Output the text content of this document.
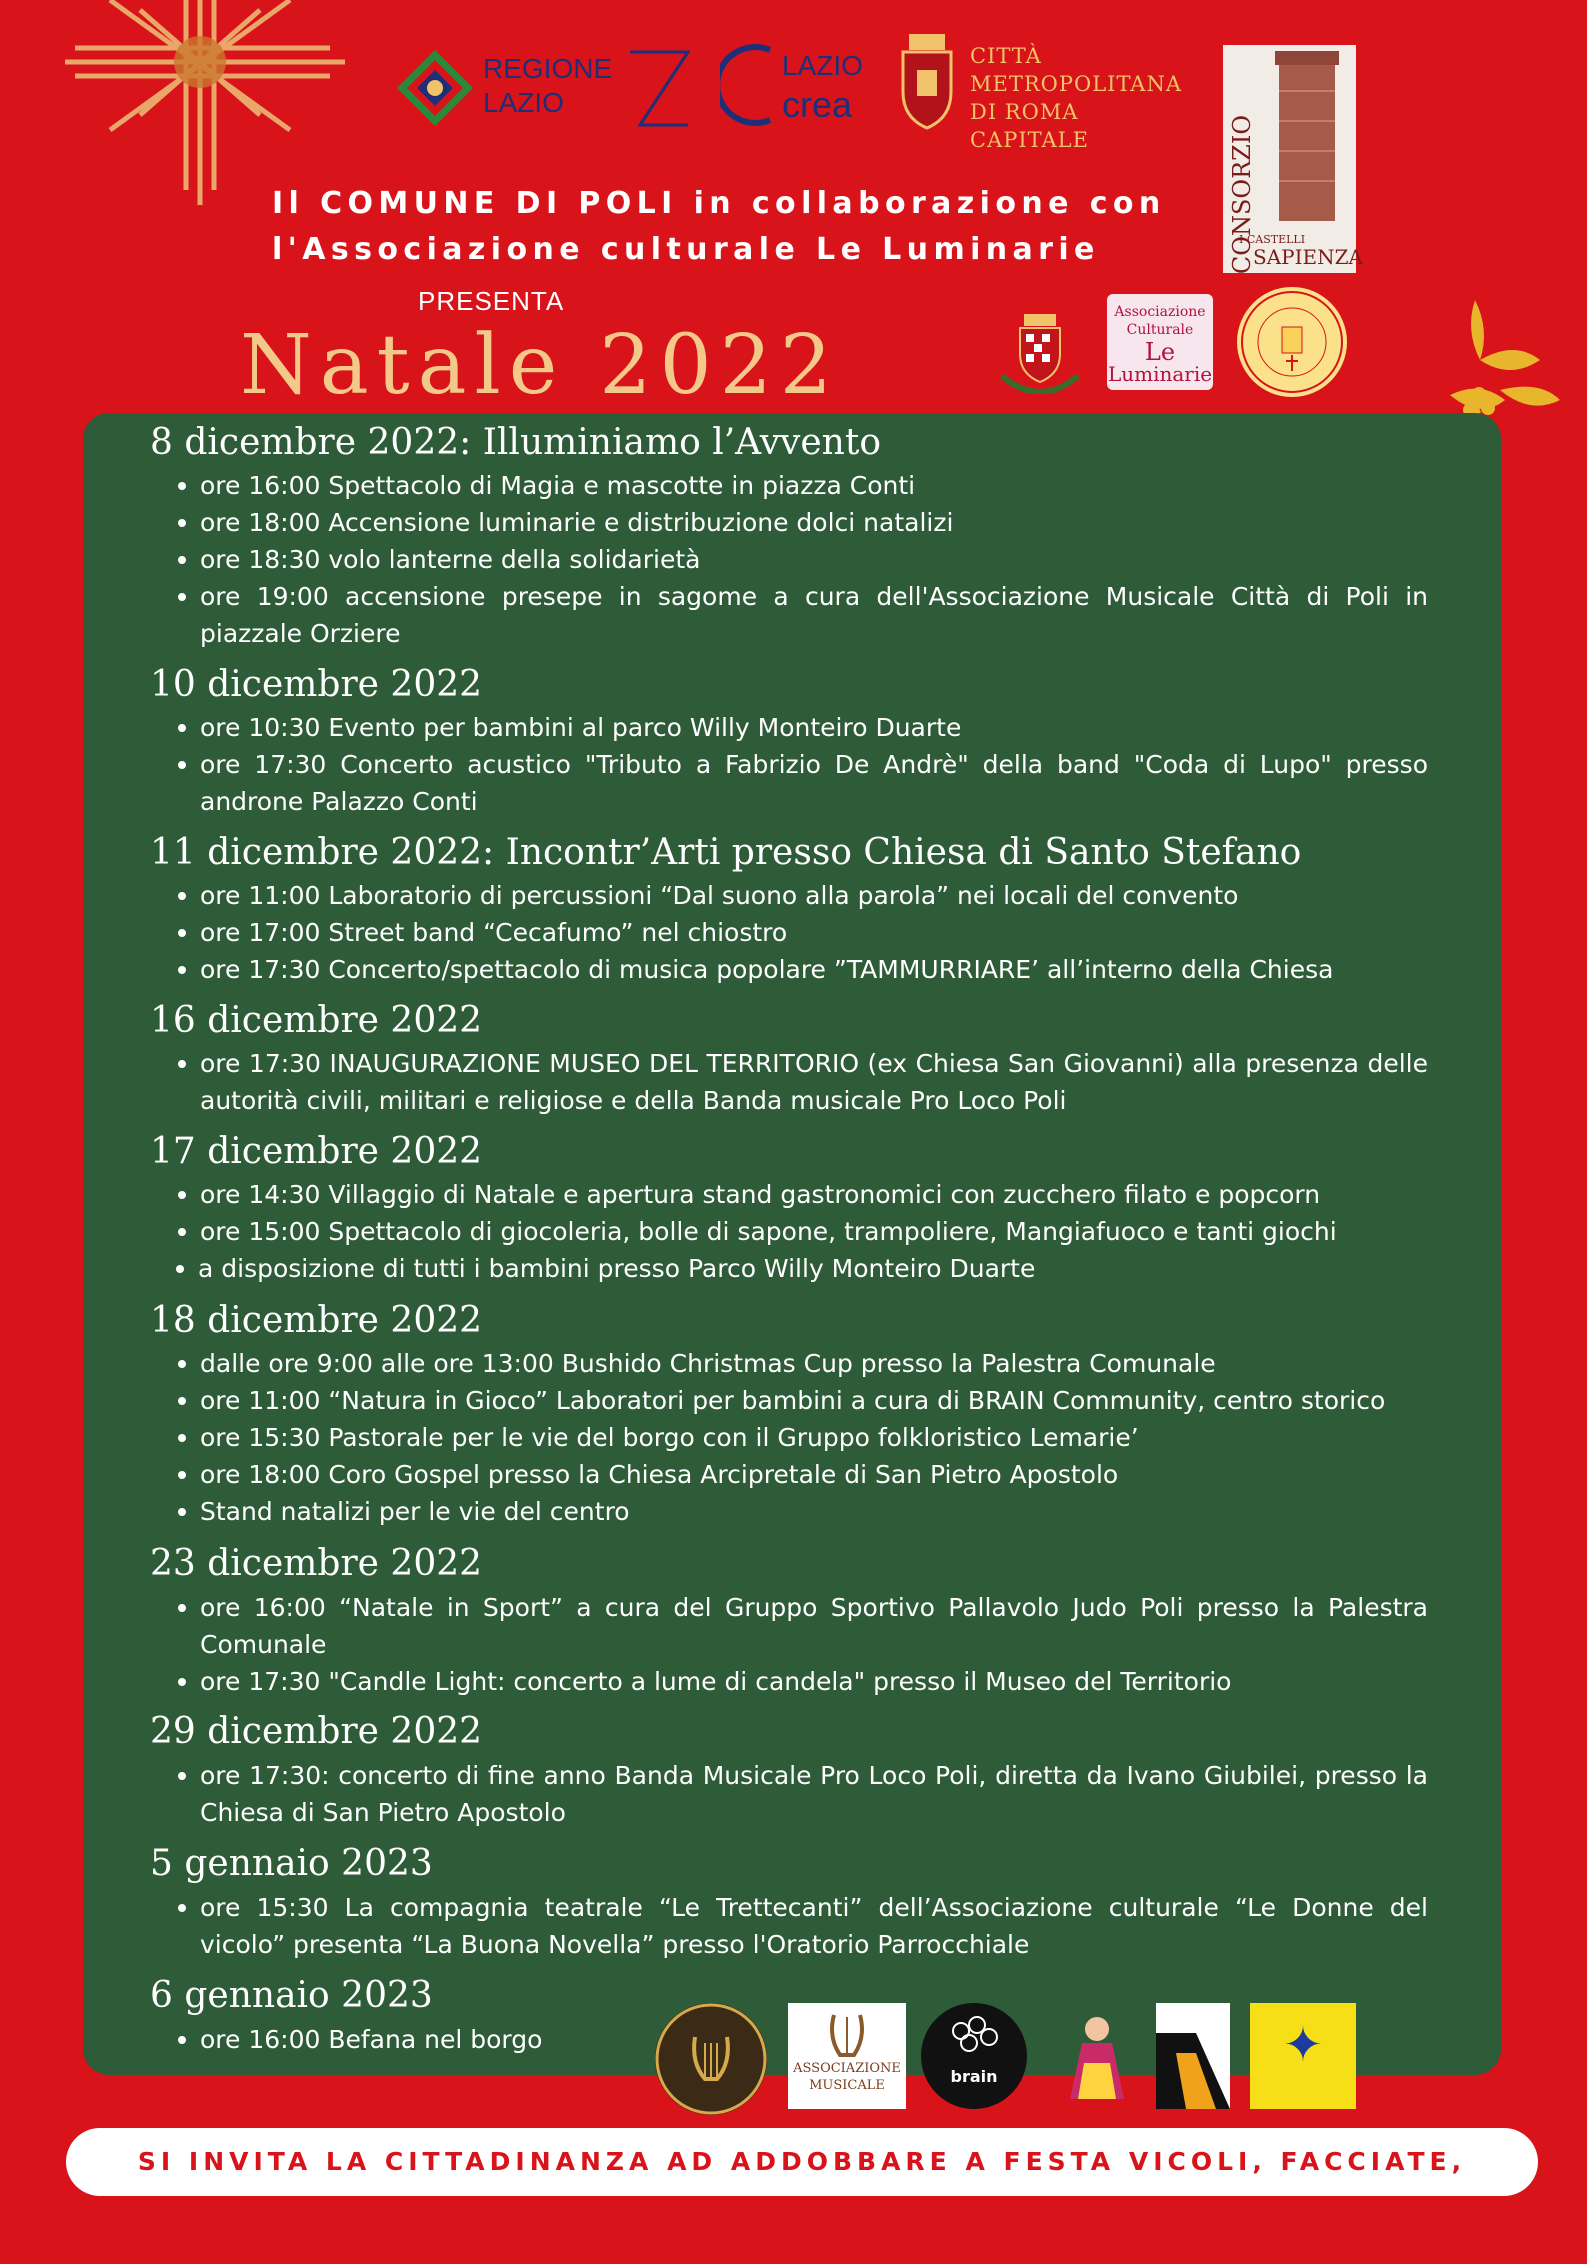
REGIONE
LAZIO
LAZIO
crea
CITTÀ
METROPOLITANA
DI ROMA CAPITALE	CONSORZIO
I CASTELLI
SAPIENZA
Il COMUNE DI POLI in collaborazione con
l'Associazione culturale Le Luminarie
PRESENTA
Natale 2022
Associazione
Culturale
Le
Luminarie
8 dicembre 2022: Illuminiamo l’Avvento
ore 16:00 Spettacolo di Magia e mascotte in piazza Conti
ore 18:00 Accensione luminarie e distribuzione dolci natalizi
ore 18:30 volo lanterne della solidarietà
ore 19:00 accensione presepe in sagome a cura dell'Associazione Musicale Città di Poli in piazzale Orziere
10 dicembre 2022
ore 10:30 Evento per bambini al parco Willy Monteiro Duarte
ore 17:30 Concerto acustico "Tributo a Fabrizio De Andrè" della band "Coda di Lupo" presso androne Palazzo Conti
11 dicembre 2022: Incontr’Arti presso Chiesa di Santo Stefano
ore 11:00 Laboratorio di percussioni “Dal suono alla parola” nei locali del convento
ore 17:00 Street band “Cecafumo” nel chiostro
ore 17:30 Concerto/spettacolo di musica popolare ”TAMMURRIARE’ all’interno della Chiesa
16 dicembre 2022
ore 17:30 INAUGURAZIONE MUSEO DEL TERRITORIO (ex Chiesa San Giovanni) alla presenza delle autorità civili, militari e religiose e della Banda musicale Pro Loco Poli
17 dicembre 2022
ore 14:30 Villaggio di Natale e apertura stand gastronomici con zucchero filato e popcorn
ore 15:00 Spettacolo di giocoleria, bolle di sapone, trampoliere, Mangiafuoco e tanti giochi
a disposizione di tutti i bambini presso Parco Willy Monteiro Duarte
18 dicembre 2022
dalle ore 9:00 alle ore 13:00 Bushido Christmas Cup presso la Palestra Comunale
ore 11:00 “Natura in Gioco” Laboratori per bambini a cura di BRAIN Community, centro storico
ore 15:30 Pastorale per le vie del borgo con il Gruppo folkloristico Lemarie’
ore 18:00 Coro Gospel presso la Chiesa Arcipretale di San Pietro Apostolo
Stand natalizi per le vie del centro
23 dicembre 2022
ore 16:00 “Natale in Sport” a cura del Gruppo Sportivo Pallavolo Judo Poli presso la Palestra Comunale
ore 17:30 "Candle Light: concerto a lume di candela" presso il Museo del Territorio
29 dicembre 2022
ore 17:30: concerto di fine anno Banda Musicale Pro Loco Poli, diretta da Ivano Giubilei, presso la Chiesa di San Pietro Apostolo
5 gennaio 2023
ore 15:30 La compagnia teatrale “Le Trettecanti” dell’Associazione culturale “Le Donne del vicolo” presenta “La Buona Novella” presso l'Oratorio Parrocchiale
6 gennaio 2023
ore 16:00 Befana nel borgo
ASSOCIAZIONE
MUSICALE	brain
✦
SI INVITA LA CITTADINANZA AD ADDOBBARE A FESTA VICOLI, FACCIATE, BALCONI
